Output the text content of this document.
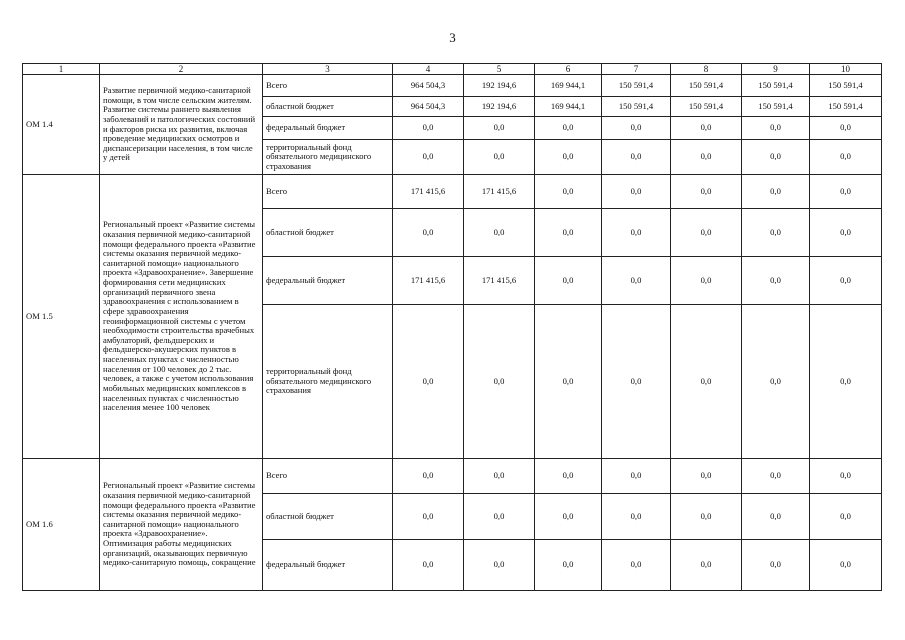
3
1	2	3	4	5	6	7	8	9	10
ОМ 1.4	Развитие первичной медико-санитарной помощи, в том числе сельским жителям. Развитие системы раннего выявления заболеваний и патологических состояний и факторов риска их развития, включая проведение медицинских осмотров и диспансеризации населения, в том числе у детей	Всего	964 504,3	192 194,6	169 944,1	150 591,4	150 591,4	150 591,4	150 591,4
		областной бюджет	964 504,3	192 194,6	169 944,1	150 591,4	150 591,4	150 591,4	150 591,4
		федеральный бюджет	0,0	0,0	0,0	0,0	0,0	0,0	0,0
		территориальный фонд обязательного медицинского страхования	0,0	0,0	0,0	0,0	0,0	0,0	0,0
ОМ 1.5	Региональный проект «Развитие системы оказания первичной медико-санитарной помощи федерального проекта «Развитие системы оказания первичной медико-санитарной помощи» национального проекта «Здравоохранение». Завершение формирования сети медицинских организаций первичного звена здравоохранения с использованием в сфере здравоохранения геоинформационной системы с учетом необходимости строительства врачебных амбулаторий, фельдшерских и фельдшерско-акушерских пунктов в населенных пунктах с численностью населения от 100 человек до 2 тыс. человек, а также с учетом использования мобильных медицинских комплексов в населенных пунктах с численностью населения менее 100 человек	Всего	171 415,6	171 415,6	0,0	0,0	0,0	0,0	0,0
		областной бюджет	0,0	0,0	0,0	0,0	0,0	0,0	0,0
		федеральный бюджет	171 415,6	171 415,6	0,0	0,0	0,0	0,0	0,0
		территориальный фонд обязательного медицинского страхования	0,0	0,0	0,0	0,0	0,0	0,0	0,0
ОМ 1.6	Региональный проект «Развитие системы оказания первичной медико-санитарной помощи федерального проекта «Развитие системы оказания первичной медико-санитарной помощи» национального проекта «Здравоохранение». Оптимизация работы медицинских организаций, оказывающих первичную медико-санитарную помощь, сокращение	Всего	0,0	0,0	0,0	0,0	0,0	0,0	0,0
		областной бюджет	0,0	0,0	0,0	0,0	0,0	0,0	0,0
		федеральный бюджет	0,0	0,0	0,0	0,0	0,0	0,0	0,0
